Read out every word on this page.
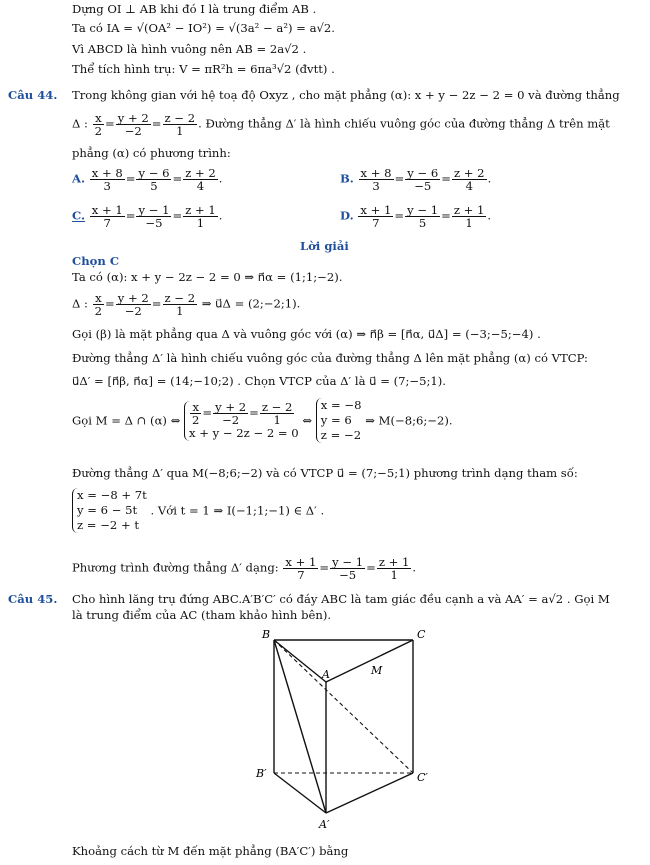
Dựng OI ⊥ AB khi đó I là trung điểm AB .
Ta có IA = √(OA² − IO²) = √(3a² − a²) = a√2.
Vì ABCD là hình vuông nên AB = 2a√2 .
Thể tích hình trụ: V = πR²h = 6πa³√2 (đvtt) .
Câu 44. Trong không gian với hệ toạ độ Oxyz , cho mặt phẳng (α): x + y − 2z − 2 = 0 và đường thẳng
Δ : $\frac{x}{2} = \frac{y + 2}{-2} = \frac{z - 2}{1}$ . Đường thẳng Δ′ là hình chiếu vuông góc của đường thẳng Δ trên mặt
phẳng (α) có phương trình:
A. $\frac{x + 8}{3} = \frac{y - 6}{5} = \frac{z + 2}{4}$ .	B. $\frac{x + 8}{3} = \frac{y - 6}{-5} = \frac{z + 2}{4}$ .
C. $\frac{x + 1}{7} = \frac{y - 1}{-5} = \frac{z + 1}{1}$ .	D. $\frac{x + 1}{7} = \frac{y - 1}{5} = \frac{z + 1}{1}$ .
Lời giải
Chọn C
Ta có (α): x + y − 2z − 2 = 0 ⇒ n⃗α = (1;1;−2).
Δ : $\frac{x}{2} = \frac{y + 2}{-2} = \frac{z - 2}{1}$ ⇒ u⃗Δ = (2;−2;1).
Gọi (β) là mặt phẳng qua Δ và vuông góc với (α) ⇒ n⃗β = [n⃗α, u⃗Δ] = (−3;−5;−4) .
Đường thẳng Δ′ là hình chiếu vuông góc của đường thẳng Δ lên mặt phẳng (α) có VTCP:
u⃗Δ′ = [n⃗β, n⃗α] = (14;−10;2) . Chọn VTCP của Δ′ là u⃗ = (7;−5;1).
Gọi M = Δ ∩ (α) ⇔ $\frac{x}{2} = \frac{y + 2}{-2} = \frac{z - 2}{1}$
x + y − 2z − 2 = 0
⇔
x = −8
y = 6
z = −2
⇒ M(−8;6;−2).
Đường thẳng Δ′ qua M(−8;6;−2) và có VTCP u⃗ = (7;−5;1) phương trình dạng tham số:
x = −8 + 7t
y = 6 − 5t
z = −2 + t
. Với t = 1 ⇒ I(−1;1;−1) ∈ Δ′ .
Phương trình đường thẳng Δ′ dạng: $\frac{x + 1}{7} = \frac{y - 1}{-5} = \frac{z + 1}{1}$ .
Câu 45. Cho hình lăng trụ đứng ABC.A′B′C′ có đáy ABC là tam giác đều cạnh a và AA′ = a√2 . Gọi M
là trung điểm của AC (tham khảo hình bên).
B	C
A	M
B′	C′
A′
Khoảng cách từ M đến mặt phẳng (BA′C′) bằng
